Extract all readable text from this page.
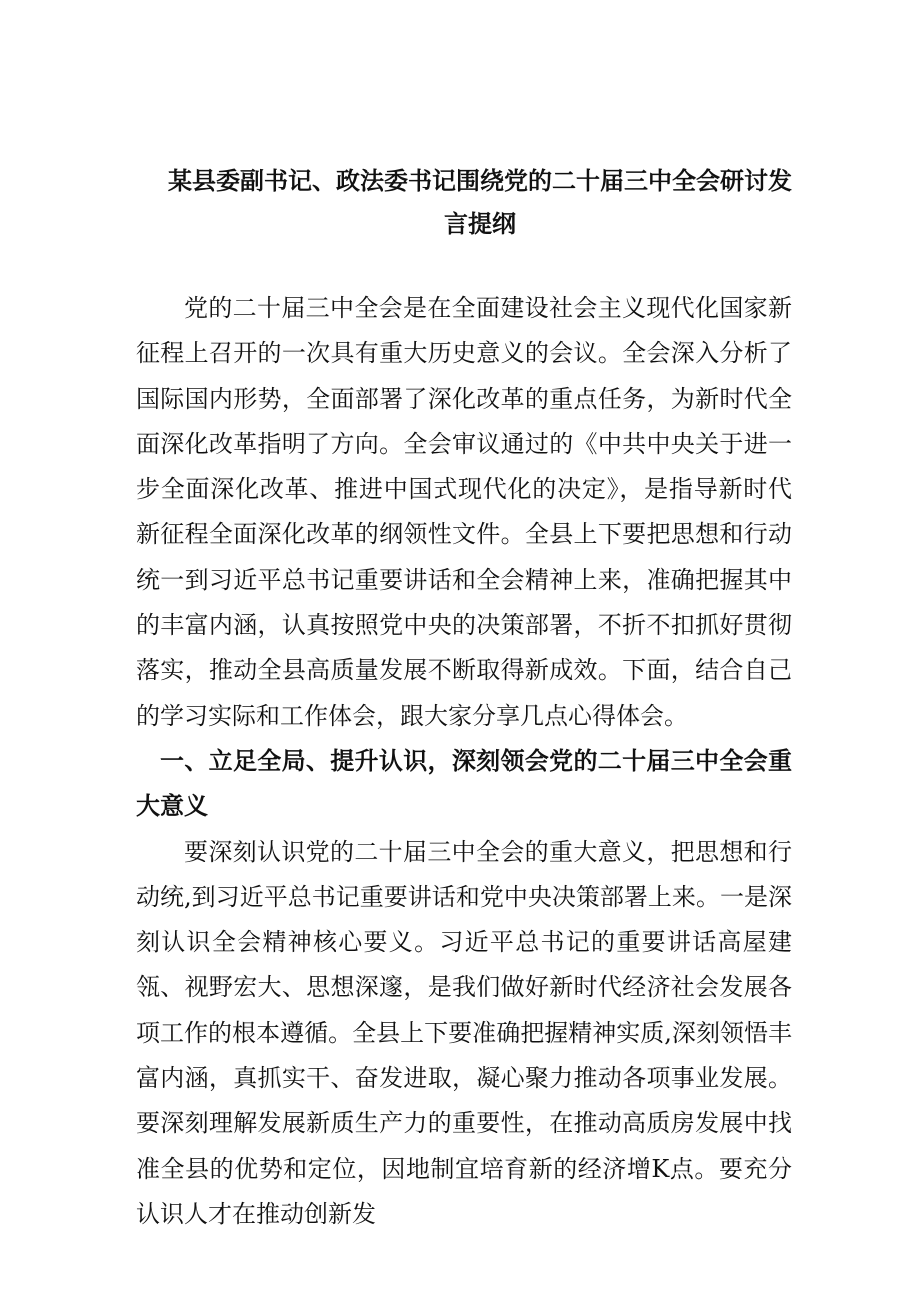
某县委副书记、政法委书记围绕党的二十届三中全会研讨发言提纲

党的二十届三中全会是在全面建设社会主义现代化国家新征程上召开的一次具有重大历史意义的会议。全会深入分析了国际国内形势，全面部署了深化改革的重点任务，为新时代全面深化改革指明了方向。全会审议通过的《中共中央关于进一步全面深化改革、推进中国式现代化的决定》，是指导新时代新征程全面深化改革的纲领性文件。全县上下要把思想和行动统一到习近平总书记重要讲话和全会精神上来，准确把握其中的丰富内涵，认真按照党中央的决策部署，不折不扣抓好贯彻落实，推动全县高质量发展不断取得新成效。下面，结合自己的学习实际和工作体会，跟大家分享几点心得体会。

一、立足全局、提升认识，深刻领会党的二十届三中全会重大意义

要深刻认识党的二十届三中全会的重大意义，把思想和行动统,到习近平总书记重要讲话和党中央决策部署上来。一是深刻认识全会精神核心要义。习近平总书记的重要讲话高屋建瓴、视野宏大、思想深邃，是我们做好新时代经济社会发展各项工作的根本遵循。全县上下要准确把握精神实质,深刻领悟丰富内涵，真抓实干、奋发进取，凝心聚力推动各项事业发展。要深刻理解发展新质生产力的重要性，在推动高质房发展中找准全县的优势和定位，因地制宜培育新的经济增K点。要充分认识人才在推动创新发
